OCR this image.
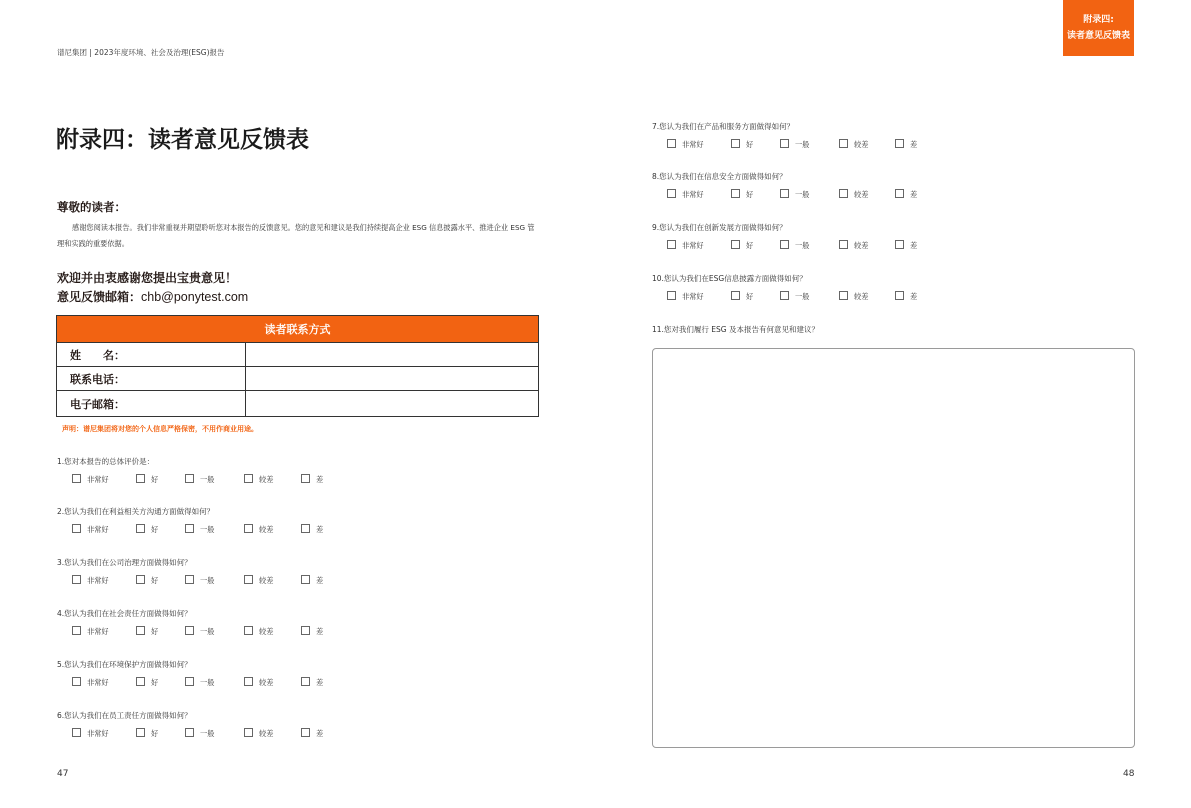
谱尼集团 | 2023年度环境、社会及治理(ESG)报告
附录四:
读者意见反馈表
附录四：读者意见反馈表
尊敬的读者：
感谢您阅读本报告。我们非常重视并期望聆听您对本报告的反馈意见。您的意见和建议是我们持续提高企业 ESG 信息披露水平、推进企业 ESG 管理和实践的重要依据。
欢迎并由衷感谢您提出宝贵意见！
意见反馈邮箱：chb@ponytest.com
读者联系方式	
姓　　名：	
联系电话：	
电子邮箱：	
声明：谱尼集团将对您的个人信息严格保密，不用作商业用途。
1.您对本报告的总体评价是：
非常好	好	一般	较差	差
2.您认为我们在利益相关方沟通方面做得如何？
非常好	好	一般	较差	差
3.您认为我们在公司治理方面做得如何？
非常好	好	一般	较差	差
4.您认为我们在社会责任方面做得如何？
非常好	好	一般	较差	差
5.您认为我们在环境保护方面做得如何？
非常好	好	一般	较差	差
6.您认为我们在员工责任方面做得如何？
非常好	好	一般	较差	差
7.您认为我们在产品和服务方面做得如何？
非常好	好	一般	较差	差
8.您认为我们在信息安全方面做得如何？
非常好	好	一般	较差	差
9.您认为我们在创新发展方面做得如何？
非常好	好	一般	较差	差
10.您认为我们在ESG信息披露方面做得如何？
非常好	好	一般	较差	差
11.您对我们履行 ESG 及本报告有何意见和建议？
47	48
